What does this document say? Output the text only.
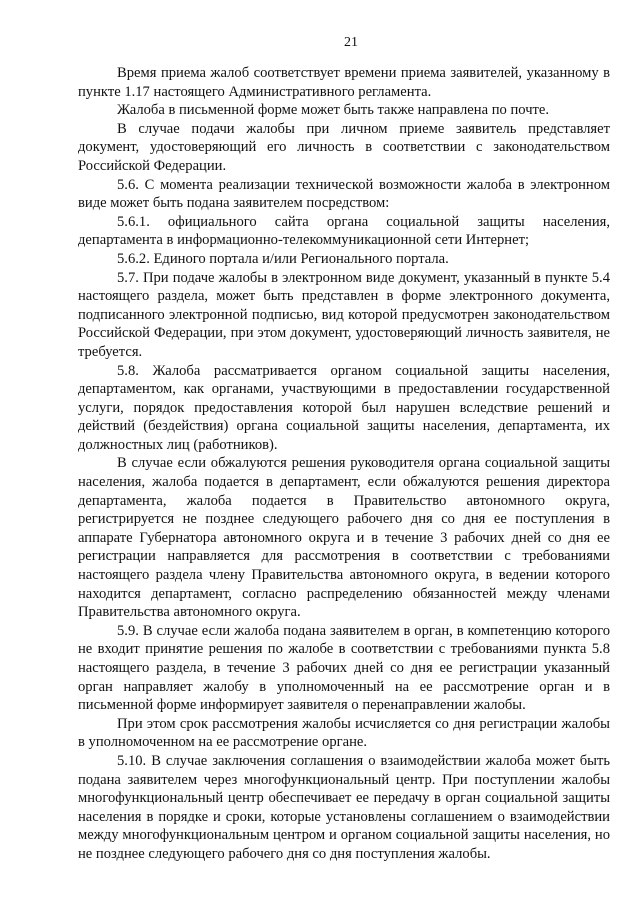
21

Время приема жалоб соответствует времени приема заявителей, указанному в пункте 1.17 настоящего Административного регламента.

Жалоба в письменной форме может быть также направлена по почте.

В случае подачи жалобы при личном приеме заявитель представляет документ, удостоверяющий его личность в соответствии с законодательством Российской Федерации.

5.6. С момента реализации технической возможности жалоба в электронном виде может быть подана заявителем посредством:

5.6.1. официального сайта органа социальной защиты населения, департамента в информационно-телекоммуникационной сети Интернет;

5.6.2. Единого портала и/или Регионального портала.

5.7. При подаче жалобы в электронном виде документ, указанный в пункте 5.4 настоящего раздела, может быть представлен в форме электронного документа, подписанного электронной подписью, вид которой предусмотрен законодательством Российской Федерации, при этом документ, удостоверяющий личность заявителя, не требуется.

5.8. Жалоба рассматривается органом социальной защиты населения, департаментом, как органами, участвующими в предоставлении государственной услуги, порядок предоставления которой был нарушен вследствие решений и действий (бездействия) органа социальной защиты населения, департамента, их должностных лиц (работников).

В случае если обжалуются решения руководителя органа социальной защиты населения, жалоба подается в департамент, если обжалуются решения директора департамента, жалоба подается в Правительство автономного округа, регистрируется не позднее следующего рабочего дня со дня ее поступления в аппарате Губернатора автономного округа и в течение 3 рабочих дней со дня ее регистрации направляется для рассмотрения в соответствии с требованиями настоящего раздела члену Правительства автономного округа, в ведении которого находится департамент, согласно распределению обязанностей между членами Правительства автономного округа.

5.9. В случае если жалоба подана заявителем в орган, в компетенцию которого не входит принятие решения по жалобе в соответствии с требованиями пункта 5.8 настоящего раздела, в течение 3 рабочих дней со дня ее регистрации указанный орган направляет жалобу в уполномоченный на ее рассмотрение орган и в письменной форме информирует заявителя о перенаправлении жалобы.

При этом срок рассмотрения жалобы исчисляется со дня регистрации жалобы в уполномоченном на ее рассмотрение органе.

5.10. В случае заключения соглашения о взаимодействии жалоба может быть подана заявителем через многофункциональный центр. При поступлении жалобы многофункциональный центр обеспечивает ее передачу в орган социальной защиты населения в порядке и сроки, которые установлены соглашением о взаимодействии между многофункциональным центром и органом социальной защиты населения, но не позднее следующего рабочего дня со дня поступления жалобы.
